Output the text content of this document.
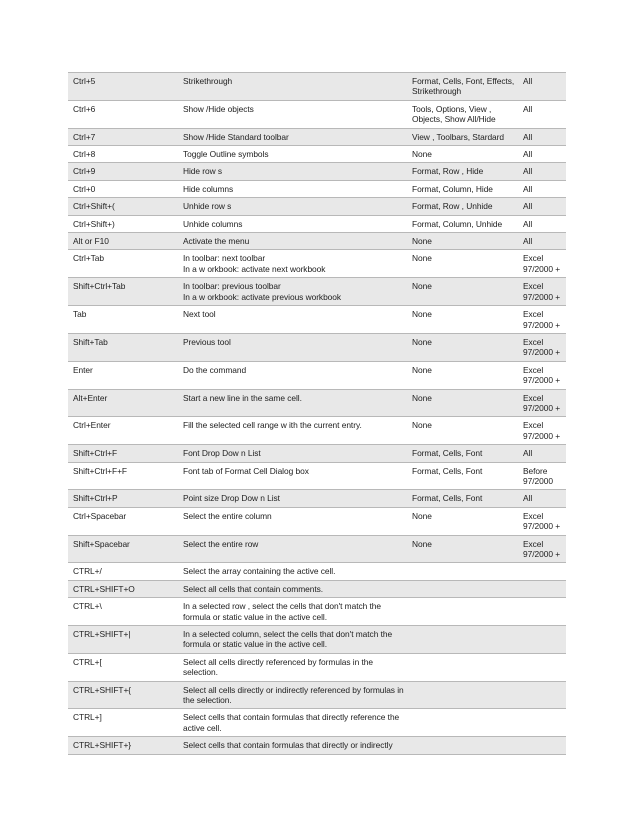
Ctrl+5	Strikethrough	Format, Cells, Font, Effects, Strikethrough	All
Ctrl+6	Show /Hide objects	Tools, Options, View , Objects, Show All/Hide	All
Ctrl+7	Show /Hide Standard toolbar	View , Toolbars, Stardard	All
Ctrl+8	Toggle Outline symbols	None	All
Ctrl+9	Hide row s	Format, Row , Hide	All
Ctrl+0	Hide columns	Format, Column, Hide	All
Ctrl+Shift+(	Unhide row s	Format, Row , Unhide	All
Ctrl+Shift+)	Unhide columns	Format, Column, Unhide	All
Alt or F10	Activate the menu	None	All
Ctrl+Tab	In toolbar: next toolbar
In a w orkbook: activate next workbook	None	Excel 97/2000 +
Shift+Ctrl+Tab	In toolbar: previous toolbar
In a w orkbook: activate previous workbook	None	Excel 97/2000 +
Tab	Next tool	None	Excel 97/2000 +
Shift+Tab	Previous tool	None	Excel 97/2000 +
Enter	Do the command	None	Excel 97/2000 +
Alt+Enter	Start a new line in the same cell.	None	Excel 97/2000 +
Ctrl+Enter	Fill the selected cell range w ith the current entry.	None	Excel 97/2000 +
Shift+Ctrl+F	Font Drop Dow n List	Format, Cells, Font	All
Shift+Ctrl+F+F	Font tab of Format Cell Dialog box	Format, Cells, Font	Before 97/2000
Shift+Ctrl+P	Point size Drop Dow n List	Format, Cells, Font	All
Ctrl+Spacebar	Select the entire column	None	Excel 97/2000 +
Shift+Spacebar	Select the entire row	None	Excel 97/2000 +
CTRL+/	Select the array containing the active cell.		
CTRL+SHIFT+O	Select all cells that contain comments.		
CTRL+\	In a selected row , select the cells that don't match the formula or static value in the active cell.		
CTRL+SHIFT+|	In a selected column, select the cells that don't match the formula or static value in the active cell.		
CTRL+[	Select all cells directly referenced by formulas in the selection.		
CTRL+SHIFT+{	Select all cells directly or indirectly referenced by formulas in the selection.		
CTRL+]	Select cells that contain formulas that directly reference the active cell.		
CTRL+SHIFT+}	Select cells that contain formulas that directly or indirectly		
